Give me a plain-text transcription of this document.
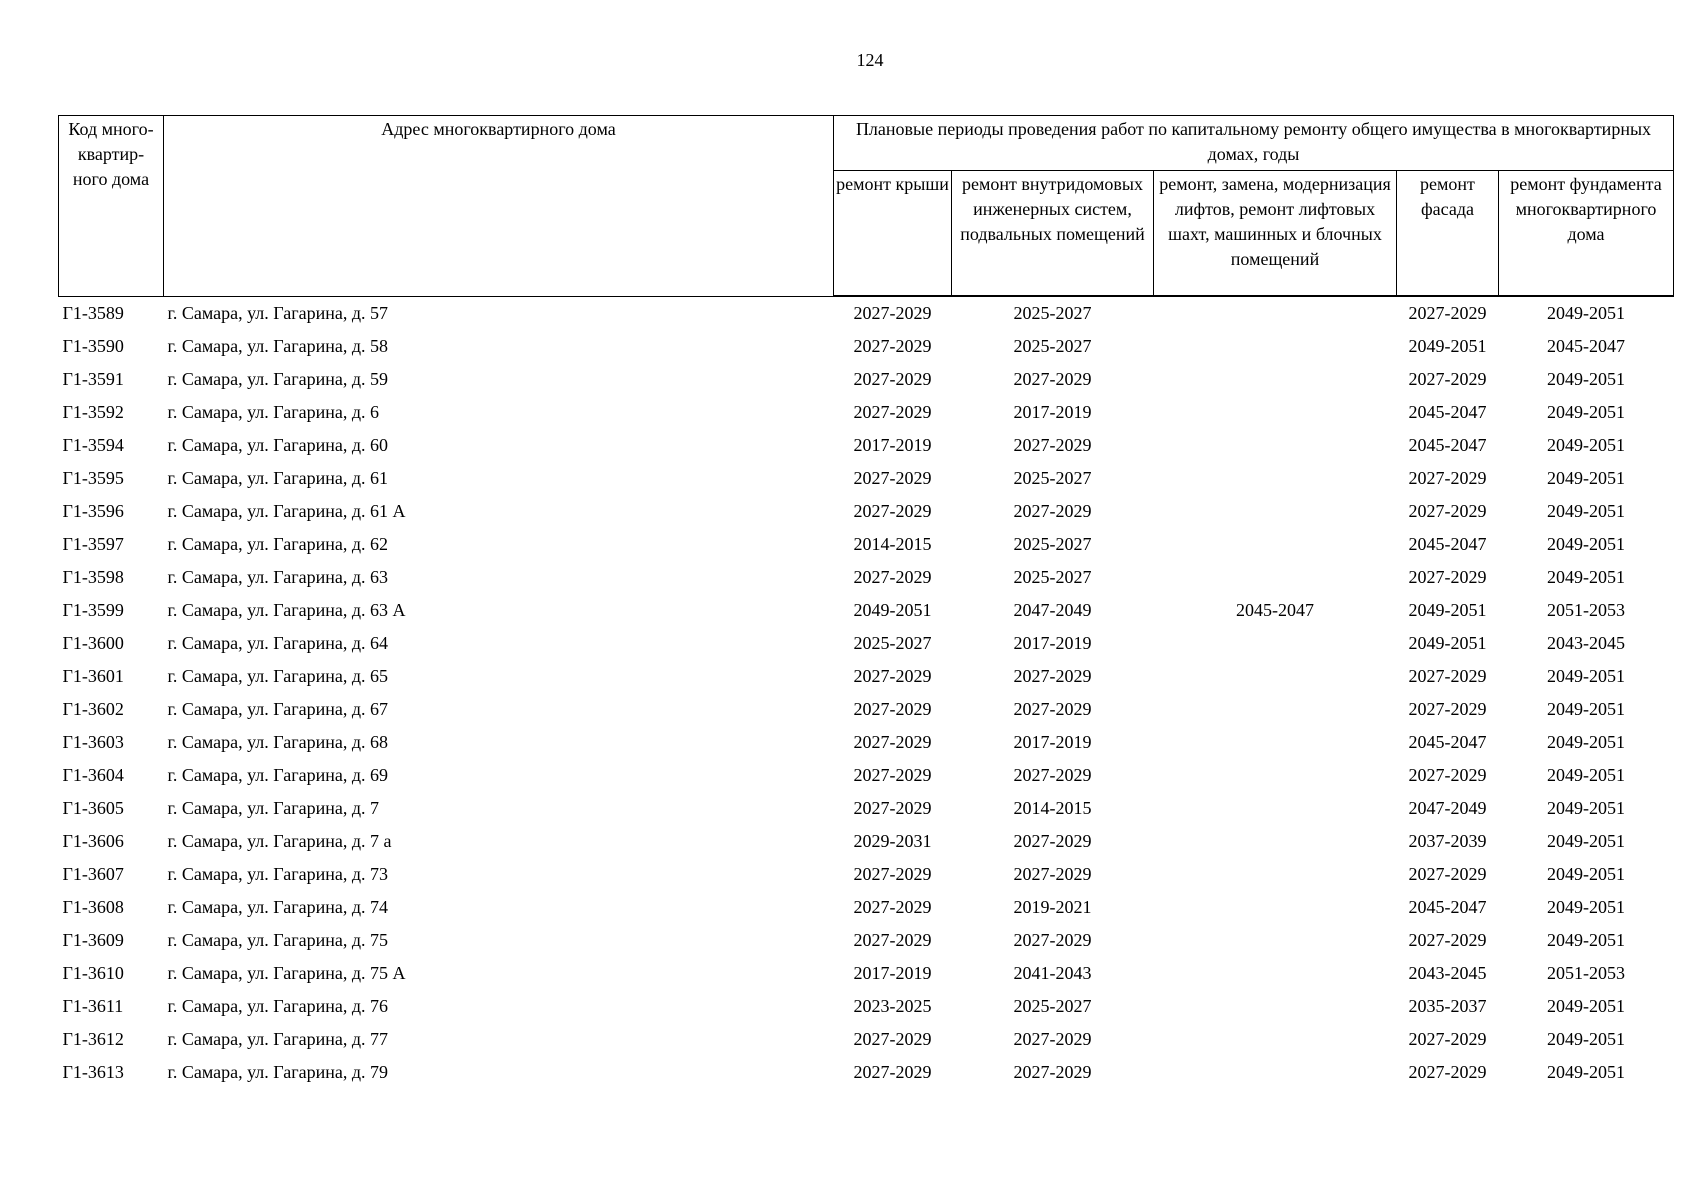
124
Код много-квартир-ного дома	Адрес многоквартирного дома	Плановые периоды проведения работ по капитальному ремонту общего имущества в многоквартирных домах, годы				
		ремонт крыши	ремонт внутридомовых инженерных систем, подвальных помещений	ремонт, замена, модернизация лифтов, ремонт лифтовых шахт, машинных и блочных помещений	ремонт фасада	ремонт фундамента многоквартирного дома
Г1-3589	г. Самара, ул. Гагарина, д. 57	2027-2029	2025-2027		2027-2029	2049-2051
Г1-3590	г. Самара, ул. Гагарина, д. 58	2027-2029	2025-2027		2049-2051	2045-2047
Г1-3591	г. Самара, ул. Гагарина, д. 59	2027-2029	2027-2029		2027-2029	2049-2051
Г1-3592	г. Самара, ул. Гагарина, д. 6	2027-2029	2017-2019		2045-2047	2049-2051
Г1-3594	г. Самара, ул. Гагарина, д. 60	2017-2019	2027-2029		2045-2047	2049-2051
Г1-3595	г. Самара, ул. Гагарина, д. 61	2027-2029	2025-2027		2027-2029	2049-2051
Г1-3596	г. Самара, ул. Гагарина, д. 61 А	2027-2029	2027-2029		2027-2029	2049-2051
Г1-3597	г. Самара, ул. Гагарина, д. 62	2014-2015	2025-2027		2045-2047	2049-2051
Г1-3598	г. Самара, ул. Гагарина, д. 63	2027-2029	2025-2027		2027-2029	2049-2051
Г1-3599	г. Самара, ул. Гагарина, д. 63 А	2049-2051	2047-2049	2045-2047	2049-2051	2051-2053
Г1-3600	г. Самара, ул. Гагарина, д. 64	2025-2027	2017-2019		2049-2051	2043-2045
Г1-3601	г. Самара, ул. Гагарина, д. 65	2027-2029	2027-2029		2027-2029	2049-2051
Г1-3602	г. Самара, ул. Гагарина, д. 67	2027-2029	2027-2029		2027-2029	2049-2051
Г1-3603	г. Самара, ул. Гагарина, д. 68	2027-2029	2017-2019		2045-2047	2049-2051
Г1-3604	г. Самара, ул. Гагарина, д. 69	2027-2029	2027-2029		2027-2029	2049-2051
Г1-3605	г. Самара, ул. Гагарина, д. 7	2027-2029	2014-2015		2047-2049	2049-2051
Г1-3606	г. Самара, ул. Гагарина, д. 7 а	2029-2031	2027-2029		2037-2039	2049-2051
Г1-3607	г. Самара, ул. Гагарина, д. 73	2027-2029	2027-2029		2027-2029	2049-2051
Г1-3608	г. Самара, ул. Гагарина, д. 74	2027-2029	2019-2021		2045-2047	2049-2051
Г1-3609	г. Самара, ул. Гагарина, д. 75	2027-2029	2027-2029		2027-2029	2049-2051
Г1-3610	г. Самара, ул. Гагарина, д. 75 А	2017-2019	2041-2043		2043-2045	2051-2053
Г1-3611	г. Самара, ул. Гагарина, д. 76	2023-2025	2025-2027		2035-2037	2049-2051
Г1-3612	г. Самара, ул. Гагарина, д. 77	2027-2029	2027-2029		2027-2029	2049-2051
Г1-3613	г. Самара, ул. Гагарина, д. 79	2027-2029	2027-2029		2027-2029	2049-2051
